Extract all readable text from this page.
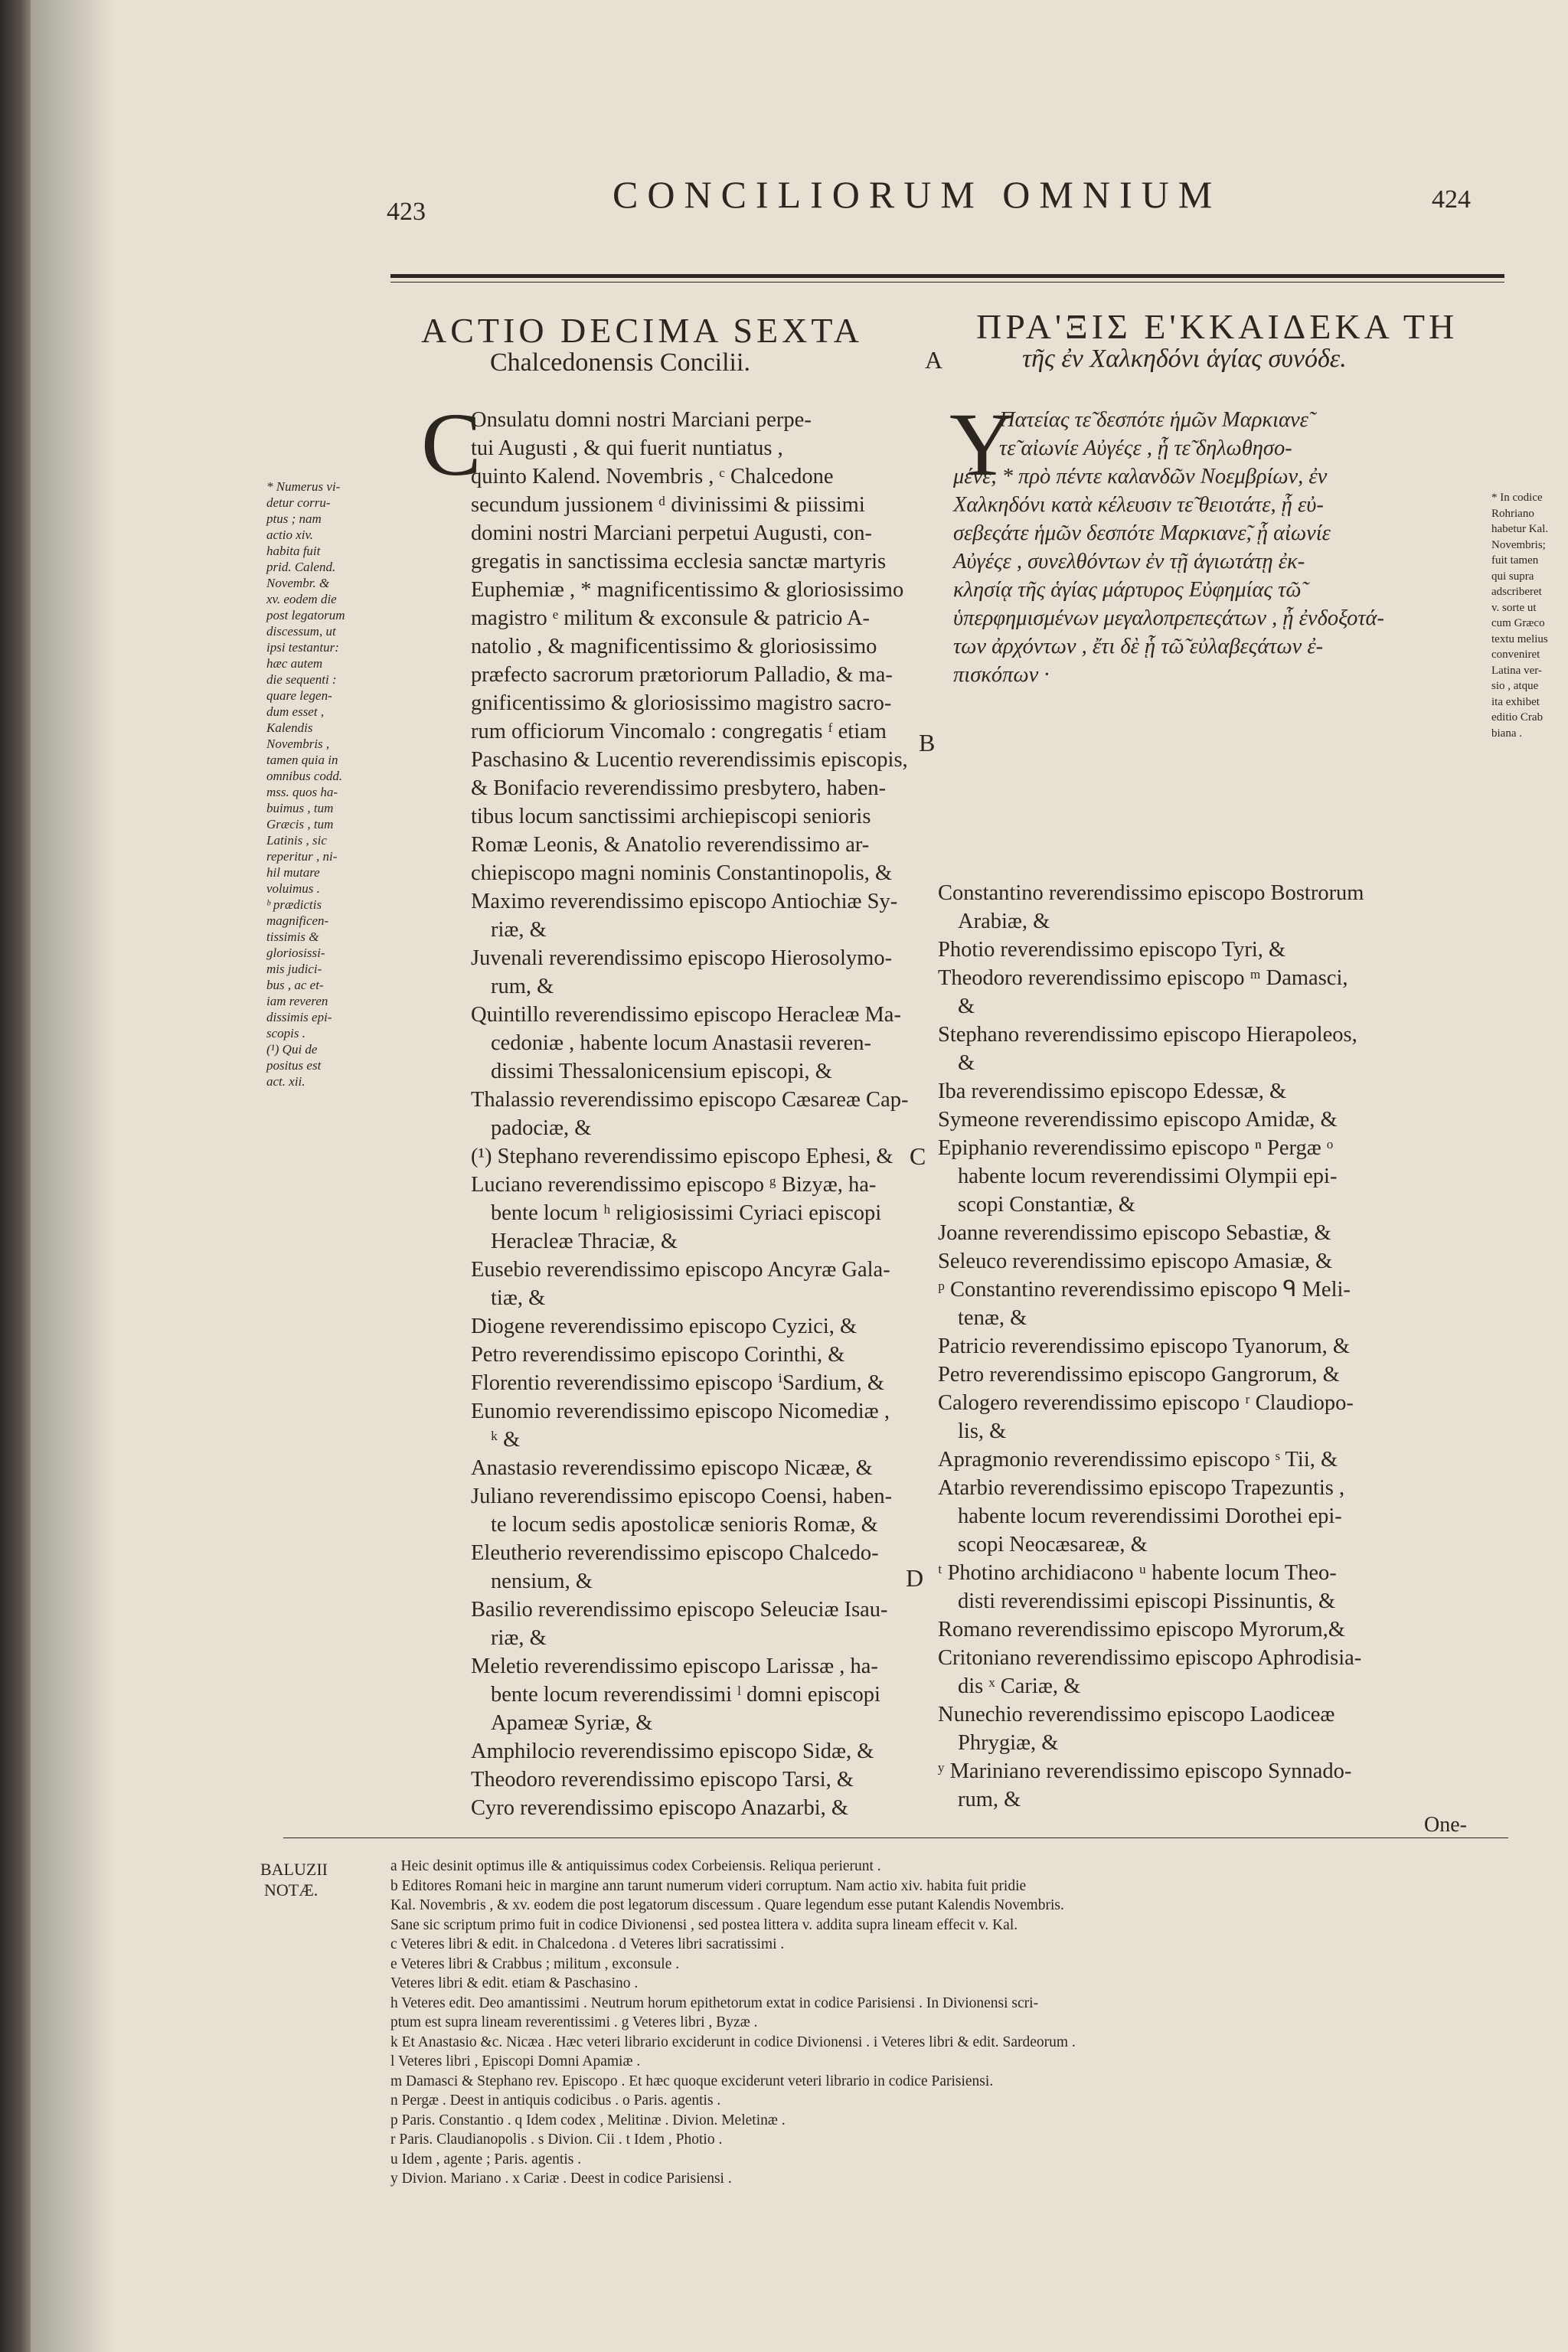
423	CONCILIORUM OMNIUM	424
ACTIO DECIMA SEXTA
Chalcedonensis Concilii.
ΠΡΑ'ΞΙΣ Ε'ΚΚΑΙΔΕΚΑ ΤΗ
τῆς ἐν Χαλκηδόνι ἁγίας συνόδε.
A
B
C
D
C

Onsulatu domni nostri Marciani perpe-

tui Augusti , & qui fuerit nuntiatus ,

quinto Kalend. Novembris , ᶜ Chalcedone

secundum jussionem ᵈ divinissimi & piissimi

domini nostri Marciani perpetui Augusti, con-

gregatis in sanctissima ecclesia sanctæ martyris

Euphemiæ , * magnificentissimo & gloriosissimo

magistro ᵉ militum & exconsule & patricio A-

natolio , & magnificentissimo & gloriosissimo

præfecto sacrorum prætoriorum Palladio, & ma-

gnificentissimo & gloriosissimo magistro sacro-

rum officiorum Vincomalo : congregatis ᶠ etiam

Paschasino & Lucentio reverendissimis episcopis,

& Bonifacio reverendissimo presbytero, haben-

tibus locum sanctissimi archiepiscopi senioris

Romæ Leonis, & Anatolio reverendissimo ar-

chiepiscopo magni nominis Constantinopolis, &

Maximo reverendissimo episcopo Antiochiæ Sy-

riæ, &

Juvenali reverendissimo episcopo Hierosolymo-

rum, &

Quintillo reverendissimo episcopo Heracleæ Ma-

cedoniæ , habente locum Anastasii reveren-

dissimi Thessalonicensium episcopi, &

Thalassio reverendissimo episcopo Cæsareæ Cap-

padociæ, &

(¹) Stephano reverendissimo episcopo Ephesi, &

Luciano reverendissimo episcopo ᵍ Bizyæ, ha-

bente locum ʰ religiosissimi Cyriaci episcopi

Heracleæ Thraciæ, &

Eusebio reverendissimo episcopo Ancyræ Gala-

tiæ, &

Diogene reverendissimo episcopo Cyzici, &

Petro reverendissimo episcopo Corinthi, &

Florentio reverendissimo episcopo ⁱSardium, &

Eunomio reverendissimo episcopo Nicomediæ ,

ᵏ &

Anastasio reverendissimo episcopo Nicææ, &

Juliano reverendissimo episcopo Coensi, haben-

te locum sedis apostolicæ senioris Romæ, &

Eleutherio reverendissimo episcopo Chalcedo-

nensium, &

Basilio reverendissimo episcopo Seleuciæ Isau-

riæ, &

Meletio reverendissimo episcopo Larissæ , ha-

bente locum reverendissimi ˡ domni episcopi

Apameæ Syriæ, &

Amphilocio reverendissimo episcopo Sidæ, &

Theodoro reverendissimo episcopo Tarsi, &

Cyro reverendissimo episcopo Anazarbi, &

Y

Πατείας τε̃ δεσπότε ἡμῶν Μαρκιανε̃

τε̃ αἰωνίε Αὐγέςε , ᾗ τε̃ δηλωθησο-

μένε, * πρὸ πέντε καλανδῶν Νοεμβρίων, ἐν

Χαλκηδόνι κατὰ κέλευσιν τε̃ θειοτάτε, ᾗ εὐ-

σεβεςάτε ἡμῶν δεσπότε Μαρκιανε̃, ᾗ αἰωνίε

Αὐγέςε , συνελθόντων ἐν τῇ ἁγιωτάτῃ ἐκ-

κλησίᾳ τῆς ἁγίας μάρτυρος Εὐφημίας τῶ̃

ὑπερφημισμένων μεγαλοπρεπεςάτων , ᾗ ἐνδοξοτά-

των ἀρχόντων , ἔτι δὲ ᾗ τῶ̃ εὐλαβεςάτων ἐ-

πισκόπων ·

Constantino reverendissimo episcopo Bostrorum

Arabiæ, &

Photio reverendissimo episcopo Tyri, &

Theodoro reverendissimo episcopo ᵐ Damasci,

&

Stephano reverendissimo episcopo Hierapoleos,

&

Iba reverendissimo episcopo Edessæ, &

Symeone reverendissimo episcopo Amidæ, &

Epiphanio reverendissimo episcopo ⁿ Pergæ ᵒ

habente locum reverendissimi Olympii epi-

scopi Constantiæ, &

Joanne reverendissimo episcopo Sebastiæ, &

Seleuco reverendissimo episcopo Amasiæ, &

ᵖ Constantino reverendissimo episcopo ᑫ Meli-

tenæ, &

Patricio reverendissimo episcopo Tyanorum, &

Petro reverendissimo episcopo Gangrorum, &

Calogero reverendissimo episcopo ʳ Claudiopo-

lis, &

Apragmonio reverendissimo episcopo ˢ Tii, &

Atarbio reverendissimo episcopo Trapezuntis ,

habente locum reverendissimi Dorothei epi-

scopi Neocæsareæ, &

ᵗ Photino archidiacono ᵘ habente locum Theo-

disti reverendissimi episcopi Pissinuntis, &

Romano reverendissimo episcopo Myrorum,&

Critoniano reverendissimo episcopo Aphrodisia-

dis ˣ Cariæ, &

Nunechio reverendissimo episcopo Laodiceæ

Phrygiæ, &

ʸ Mariniano reverendissimo episcopo Synnado-

rum, &

One-

* Numerus vi-

detur corru-

ptus ; nam

actio xiv.

habita fuit

prid. Calend.

Novembr. &

xv. eodem die

post legatorum

discessum, ut

ipsi testantur:

hæc autem

die sequenti :

quare legen-

dum esset ,

Kalendis

Novembris ,

tamen quia in

omnibus codd.

mss. quos ha-

buimus , tum

Græcis , tum

Latinis , sic

reperitur , ni-

hil mutare

voluimus .

ᵇ prædictis

magnificen-

tissimis &

gloriosissi-

mis judici-

bus , ac et-

iam reveren

dissimis epi-

scopis .

(¹) Qui de

positus est

act. xii.

* In codice

Rohriano

habetur Kal.

Novembris;

fuit tamen

qui supra

adscriberet

v. sorte ut

cum Græco

textu melius

conveniret

Latina ver-

sio , atque

ita exhibet

editio Crab

biana .

BALUZII
NOTÆ.

a Heic desinit optimus ille & antiquissimus codex Corbeiensis. Reliqua perierunt .

b Editores Romani heic in margine ann tarunt numerum videri corruptum. Nam actio xiv. habita fuit pridie

Kal. Novembris , & xv. eodem die post legatorum discessum . Quare legendum esse putant Kalendis Novembris.

Sane sic scriptum primo fuit in codice Divionensi , sed postea littera v. addita supra lineam effecit v. Kal.

c Veteres libri & edit. in Chalcedona . d Veteres libri sacratissimi .

e Veteres libri & Crabbus ; militum , exconsule .

Veteres libri & edit. etiam & Paschasino .

h Veteres edit. Deo amantissimi . Neutrum horum epithetorum extat in codice Parisiensi . In Divionensi scri-

ptum est supra lineam reverentissimi . g Veteres libri , Byzæ .

k Et Anastasio &c. Nicæa . Hæc veteri librario exciderunt in codice Divionensi . i Veteres libri & edit. Sardeorum .

l Veteres libri , Episcopi Domni Apamiæ .

m Damasci & Stephano rev. Episcopo . Et hæc quoque exciderunt veteri librario in codice Parisiensi.

n Pergæ . Deest in antiquis codicibus . o Paris. agentis .

p Paris. Constantio . q Idem codex , Melitinæ . Divion. Meletinæ .

r Paris. Claudianopolis . s Divion. Cii . t Idem , Photio .

u Idem , agente ; Paris. agentis .

y Divion. Mariano . x Cariæ . Deest in codice Parisiensi .
